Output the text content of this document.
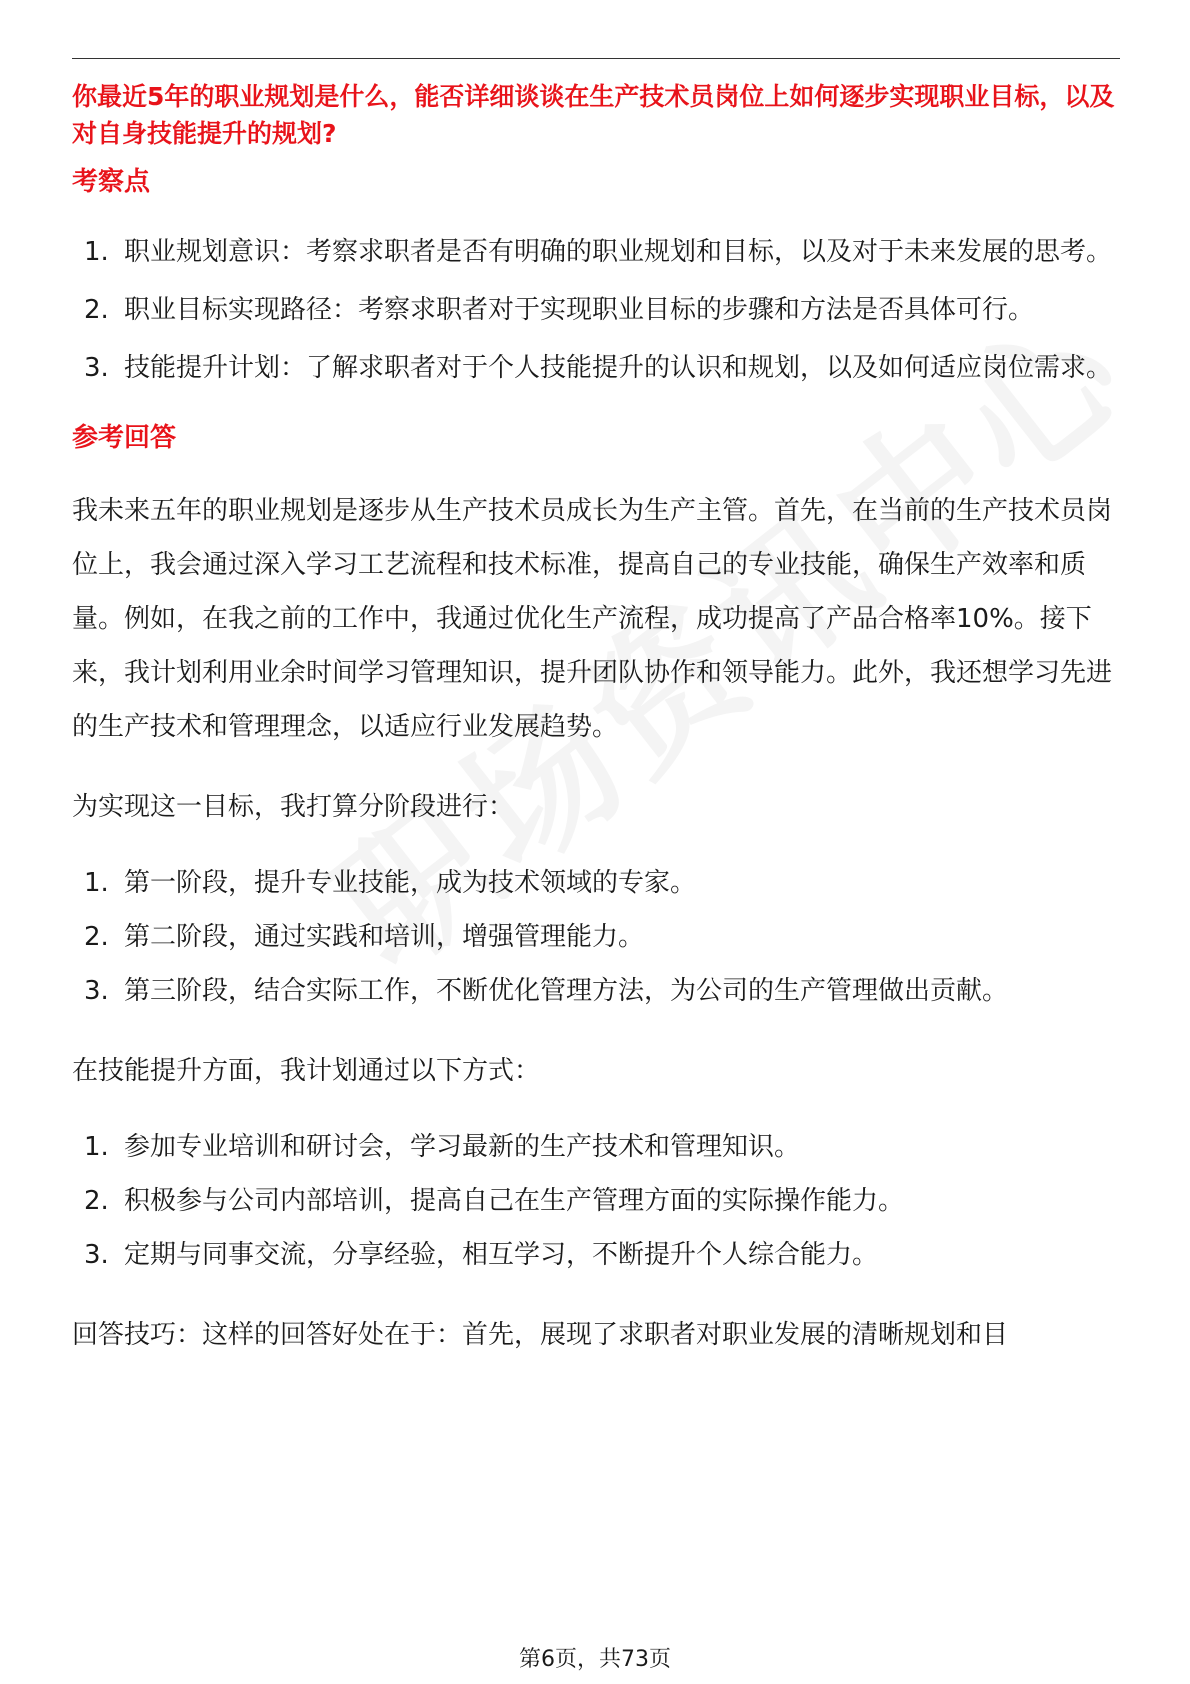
你最近5年的职业规划是什么，能否详细谈谈在生产技术员岗位上如何逐步实现职业目标，以及对自身技能提升的规划?

考察点
1. 职业规划意识：考察求职者是否有明确的职业规划和目标，以及对于未来发展的思考。
2. 职业目标实现路径：考察求职者对于实现职业目标的步骤和方法是否具体可行。
3. 技能提升计划：了解求职者对于个人技能提升的认识和规划，以及如何适应岗位需求。
参考回答

我未来五年的职业规划是逐步从生产技术员成长为生产主管。首先，在当前的生产技术员岗位上，我会通过深入学习工艺流程和技术标准，提高自己的专业技能，确保生产效率和质量。例如，在我之前的工作中，我通过优化生产流程，成功提高了产品合格率10%。接下来，我计划利用业余时间学习管理知识，提升团队协作和领导能力。此外，我还想学习先进的生产技术和管理理念，以适应行业发展趋势。

为实现这一目标，我打算分阶段进行：

1. 第一阶段，提升专业技能，成为技术领域的专家。
2. 第二阶段，通过实践和培训，增强管理能力。
3. 第三阶段，结合实际工作，不断优化管理方法，为公司的生产管理做出贡献。

在技能提升方面，我计划通过以下方式：

1. 参加专业培训和研讨会，学习最新的生产技术和管理知识。
2. 积极参与公司内部培训，提高自己在生产管理方面的实际操作能力。
3. 定期与同事交流，分享经验，相互学习，不断提升个人综合能力。

回答技巧：这样的回答好处在于：首先，展现了求职者对职业发展的清晰规划和目

第6页，共73页
